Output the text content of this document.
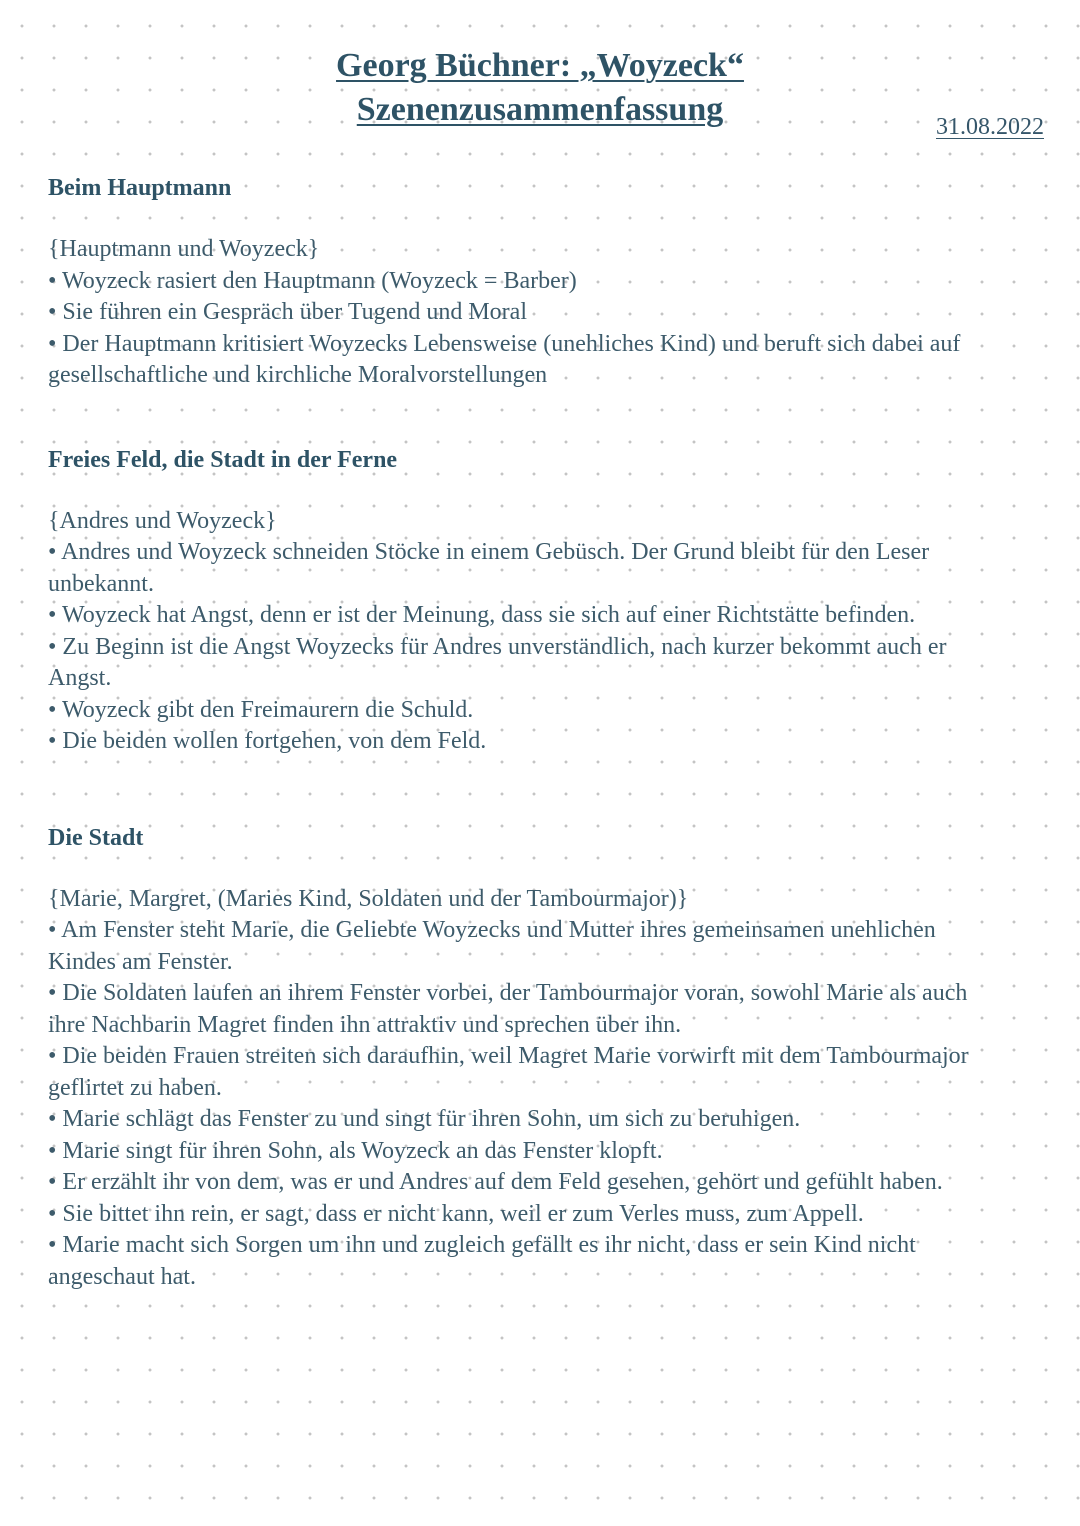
Georg Büchner: „Woyzeck“
Szenenzusammenfassung	31.08.2022
Beim Hauptmann
{Hauptmann und Woyzeck}
• Woyzeck rasiert den Hauptmann (Woyzeck = Barber)
• Sie führen ein Gespräch über Tugend und Moral
• Der Hauptmann kritisiert Woyzecks Lebensweise (unehliches Kind) und beruft sich dabei auf gesellschaftliche und kirchliche Moralvorstellungen
Freies Feld, die Stadt in der Ferne
{Andres und Woyzeck}
• Andres und Woyzeck schneiden Stöcke in einem Gebüsch. Der Grund bleibt für den Leser unbekannt.
• Woyzeck hat Angst, denn er ist der Meinung, dass sie sich auf einer Richtstätte befinden.
• Zu Beginn ist die Angst Woyzecks für Andres unverständlich, nach kurzer bekommt auch er Angst.
• Woyzeck gibt den Freimaurern die Schuld.
• Die beiden wollen fortgehen, von dem Feld.
Die Stadt
{Marie, Margret, (Maries Kind, Soldaten und der Tambourmajor)}
• Am Fenster steht Marie, die Geliebte Woyzecks und Mutter ihres gemeinsamen unehlichen Kindes am Fenster.
• Die Soldaten laufen an ihrem Fenster vorbei, der Tambourmajor voran, sowohl Marie als auch ihre Nachbarin Magret finden ihn attraktiv und sprechen über ihn.
• Die beiden Frauen streiten sich daraufhin, weil Magret Marie vorwirft mit dem Tambourmajor geflirtet zu haben.
• Marie schlägt das Fenster zu und singt für ihren Sohn, um sich zu beruhigen.
• Marie singt für ihren Sohn, als Woyzeck an das Fenster klopft.
• Er erzählt ihr von dem, was er und Andres auf dem Feld gesehen, gehört und gefühlt haben.
• Sie bittet ihn rein, er sagt, dass er nicht kann, weil er zum Verles muss, zum Appell.
• Marie macht sich Sorgen um ihn und zugleich gefällt es ihr nicht, dass er sein Kind nicht angeschaut hat.
